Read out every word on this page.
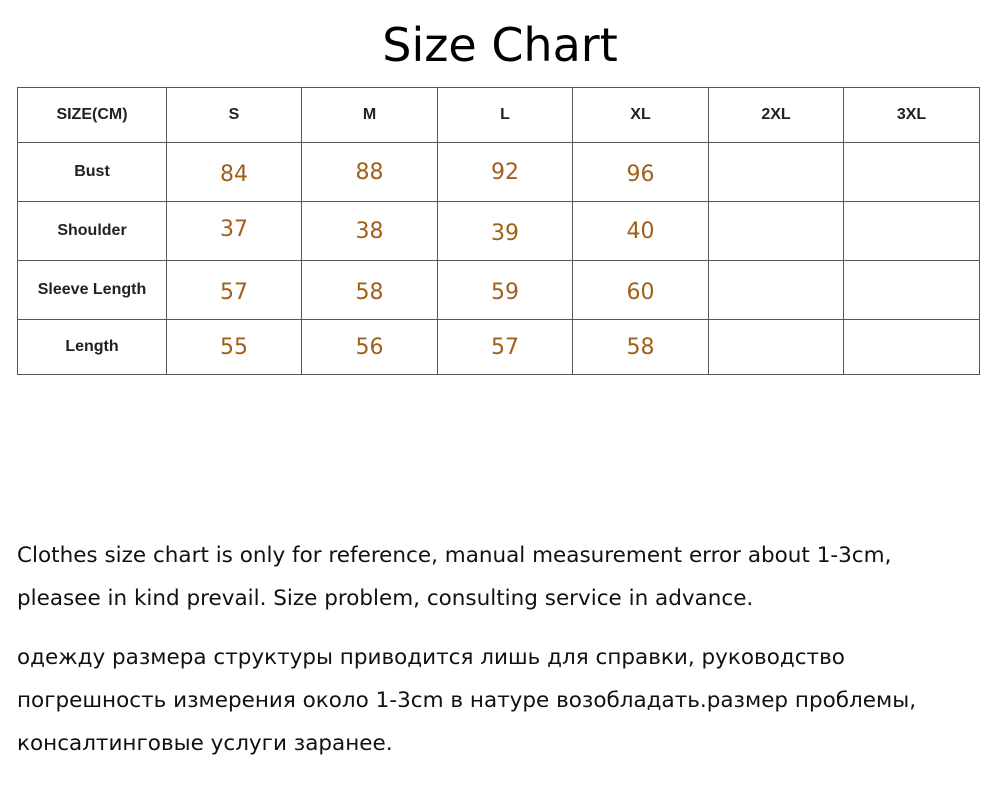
Size Chart
SIZE(CM)	S	M	L	XL	2XL	3XL
Bust	84	88	92	96		
Shoulder	37	38	39	40		
Sleeve Length	57	58	59	60		
Length	55	56	57	58		

Clothes size chart is only for reference, manual measurement error about 1-3cm,

pleasee in kind prevail. Size problem, consulting service in advance.

одежду размера структуры приводится лишь для справки, руководство

погрешность измерения около 1-3cm в натуре возобладать.размер проблемы,

консалтинговые услуги заранее.
